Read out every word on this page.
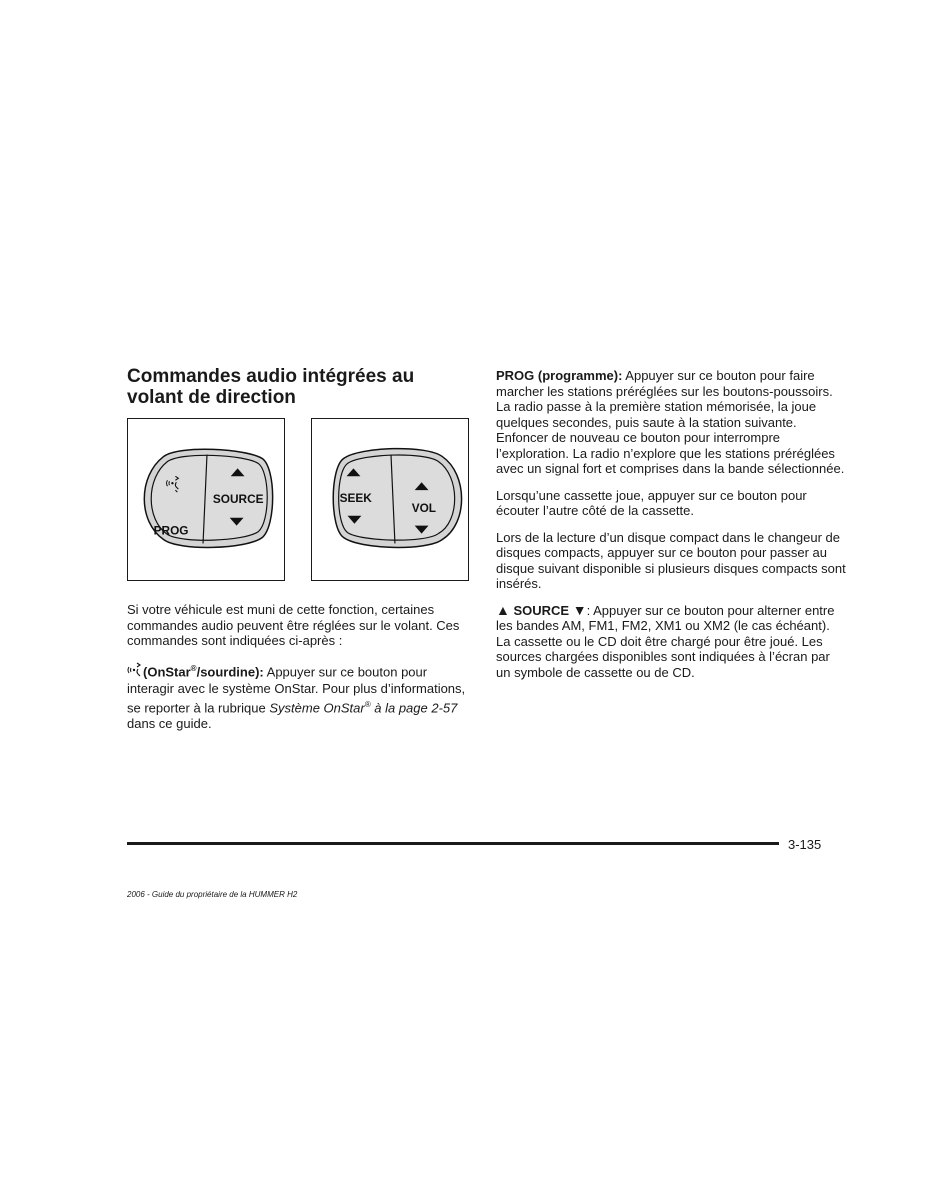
Commandes audio intégrées au volant de direction
PROG
SOURCE	SEEK
VOL

Si votre véhicule est muni de cette fonction, certaines commandes audio peuvent être réglées sur le volant. Ces commandes sont indiquées ci-après :

(OnStar®/sourdine): Appuyer sur ce bouton pour interagir avec le système OnStar. Pour plus d’informations, se reporter à la rubrique Système OnStar® à la page 2-57 dans ce guide.

PROG (programme): Appuyer sur ce bouton pour faire marcher les stations préréglées sur les boutons-poussoirs. La radio passe à la première station mémorisée, la joue quelques secondes, puis saute à la station suivante. Enfoncer de nouveau ce bouton pour interrompre l’exploration. La radio n’explore que les stations préréglées avec un signal fort et comprises dans la bande sélectionnée.

Lorsqu’une cassette joue, appuyer sur ce bouton pour écouter l’autre côté de la cassette.

Lors de la lecture d’un disque compact dans le changeur de disques compacts, appuyer sur ce bouton pour passer au disque suivant disponible si plusieurs disques compacts sont insérés.

▲ SOURCE ▼: Appuyer sur ce bouton pour alterner entre les bandes AM, FM1, FM2, XM1 ou XM2 (le cas échéant). La cassette ou le CD doit être chargé pour être joué. Les sources chargées disponibles sont indiquées à l’écran par un symbole de cassette ou de CD.

3-135
2006 - Guide du propriétaire de la HUMMER H2
